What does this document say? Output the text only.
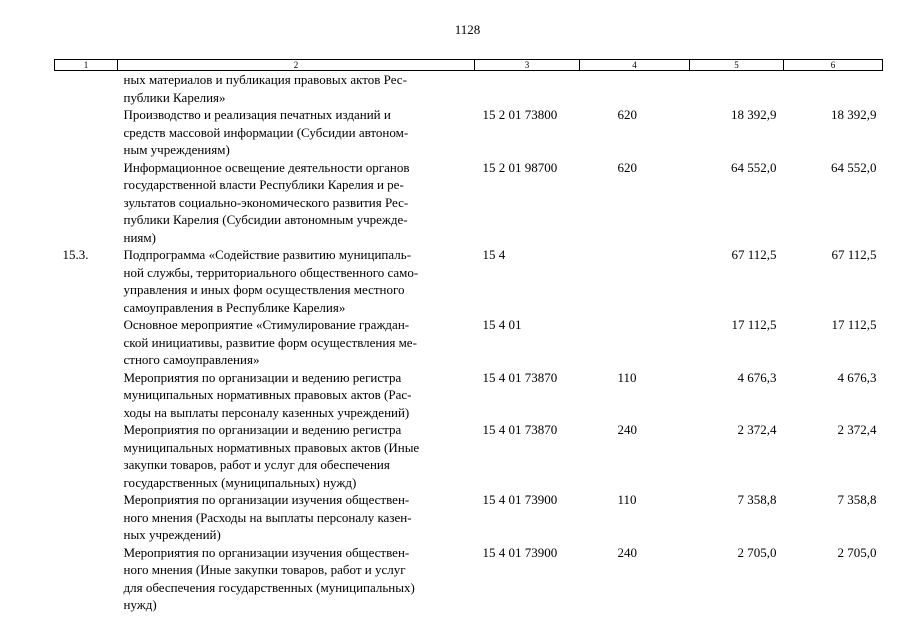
1128
1	2	3	4	5	6

	ных материалов и публикация правовых актов Рес-
публики Карелия»				

	Производство и реализация печатных изданий и
средств массовой информации (Субсидии автоном-
ным учреждениям)	15 2 01 73800	620	18 392,9	18 392,9

	Информационное освещение деятельности органов
государственной власти Республики Карелия и ре-
зультатов социально-экономического развития Рес-
публики Карелия (Субсидии автономным учрежде-
ниям)	15 2 01 98700	620	64 552,0	64 552,0
15.3.	Подпрограмма «Содействие развитию муниципаль-
ной службы, территориального общественного само-
управления и иных форм осуществления местного
самоуправления в Республике Карелия»	15 4		67 112,5	67 112,5

	Основное мероприятие «Стимулирование граждан-
ской инициативы, развитие форм осуществления ме-
стного самоуправления»	15 4 01		17 112,5	17 112,5

	Мероприятия по организации и ведению регистра
муниципальных нормативных правовых актов (Рас-
ходы на выплаты персоналу казенных учреждений)	15 4 01 73870	110	4 676,3	4 676,3

	Мероприятия по организации и ведению регистра
муниципальных нормативных правовых актов (Иные
закупки товаров, работ и услуг для обеспечения
государственных (муниципальных) нужд)	15 4 01 73870	240	2 372,4	2 372,4

	Мероприятия по организации изучения обществен-
ного мнения (Расходы на выплаты персоналу казен-
ных учреждений)	15 4 01 73900	110	7 358,8	7 358,8

	Мероприятия по организации изучения обществен-
ного мнения (Иные закупки товаров, работ и услуг
для обеспечения государственных (муниципальных)
нужд)	15 4 01 73900	240	2 705,0	2 705,0
